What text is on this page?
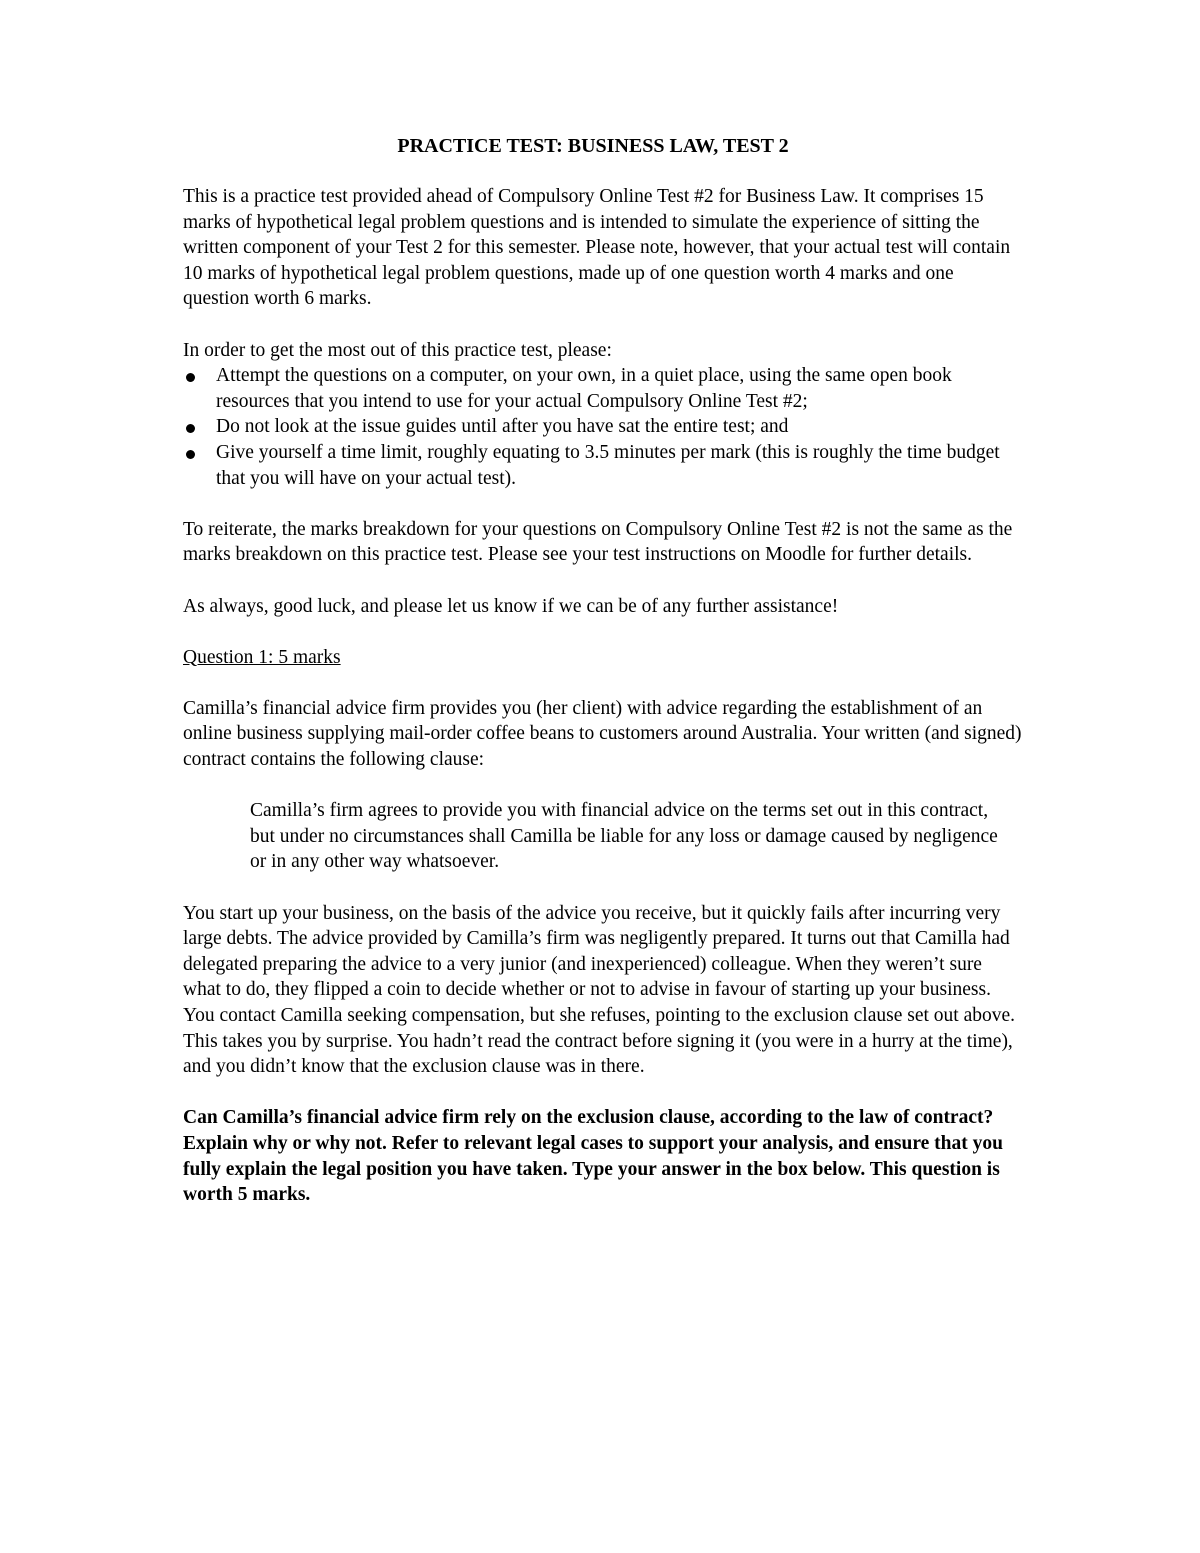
PRACTICE TEST: BUSINESS LAW, TEST 2

This is a practice test provided ahead of Compulsory Online Test #2 for Business Law. It comprises 15 marks of hypothetical legal problem questions and is intended to simulate the experience of sitting the written component of your Test 2 for this semester. Please note, however, that your actual test will contain 10 marks of hypothetical legal problem questions, made up of one question worth 4 marks and one question worth 6 marks.

In order to get the most out of this practice test, please:

Attempt the questions on a computer, on your own, in a quiet place, using the same open book resources that you intend to use for your actual Compulsory Online Test #2;
Do not look at the issue guides until after you have sat the entire test; and
Give yourself a time limit, roughly equating to 3.5 minutes per mark (this is roughly the time budget that you will have on your actual test).

To reiterate, the marks breakdown for your questions on Compulsory Online Test #2 is not the same as the marks breakdown on this practice test. Please see your test instructions on Moodle for further details.

As always, good luck, and please let us know if we can be of any further assistance!

Question 1: 5 marks

Camilla’s financial advice firm provides you (her client) with advice regarding the establishment of an online business supplying mail-order coffee beans to customers around Australia. Your written (and signed) contract contains the following clause:

Camilla’s firm agrees to provide you with financial advice on the terms set out in this contract, but under no circumstances shall Camilla be liable for any loss or damage caused by negligence or in any other way whatsoever.

You start up your business, on the basis of the advice you receive, but it quickly fails after incurring very large debts. The advice provided by Camilla’s firm was negligently prepared. It turns out that Camilla had delegated preparing the advice to a very junior (and inexperienced) colleague. When they weren’t sure what to do, they flipped a coin to decide whether or not to advise in favour of starting up your business. You contact Camilla seeking compensation, but she refuses, pointing to the exclusion clause set out above. This takes you by surprise. You hadn’t read the contract before signing it (you were in a hurry at the time), and you didn’t know that the exclusion clause was in there.

Can Camilla’s financial advice firm rely on the exclusion clause, according to the law of contract? Explain why or why not. Refer to relevant legal cases to support your analysis, and ensure that you fully explain the legal position you have taken. Type your answer in the box below. This question is worth 5 marks.
